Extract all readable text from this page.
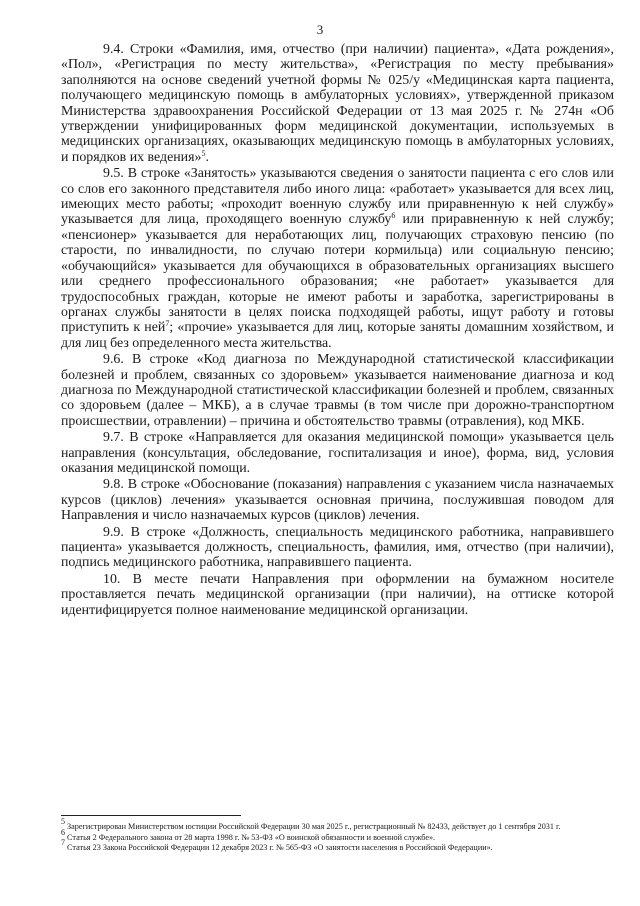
3

9.4. Строки «Фамилия, имя, отчество (при наличии) пациента», «Дата рождения», «Пол», «Регистрация по месту жительства», «Регистрация по месту пребывания» заполняются на основе сведений учетной формы № 025/у «Медицинская карта пациента, получающего медицинскую помощь в амбулаторных условиях», утвержденной приказом Министерства здравоохранения Российской Федерации от 13 мая 2025 г. № 274н «Об утверждении унифицированных форм медицинской документации, используемых в медицинских организациях, оказывающих медицинскую помощь в амбулаторных условиях, и порядков их ведения»$^5$.

9.5. В строке «Занятость» указываются сведения о занятости пациента с его слов или со слов его законного представителя либо иного лица: «работает» указывается для всех лиц, имеющих место работы; «проходит военную службу или приравненную к ней службу» указывается для лица, проходящего военную службу$^6$ или приравненную к ней службу; «пенсионер» указывается для неработающих лиц, получающих страховую пенсию (по старости, по инвалидности, по случаю потери кормильца) или социальную пенсию; «обучающийся» указывается для обучающихся в образовательных организациях высшего или среднего профессионального образования; «не работает» указывается для трудоспособных граждан, которые не имеют работы и заработка, зарегистрированы в органах службы занятости в целях поиска подходящей работы, ищут работу и готовы приступить к ней$^7$; «прочие» указывается для лиц, которые заняты домашним хозяйством, и для лиц без определенного места жительства.

9.6. В строке «Код диагноза по Международной статистической классификации болезней и проблем, связанных со здоровьем» указывается наименование диагноза и код диагноза по Международной статистической классификации болезней и проблем, связанных со здоровьем (далее – МКБ), а в случае травмы (в том числе при дорожно-транспортном происшествии, отравлении) – причина и обстоятельство травмы (отравления), код МКБ.

9.7. В строке «Направляется для оказания медицинской помощи» указывается цель направления (консультация, обследование, госпитализация и иное), форма, вид, условия оказания медицинской помощи.

9.8. В строке «Обоснование (показания) направления с указанием числа назначаемых курсов (циклов) лечения» указывается основная причина, послужившая поводом для Направления и число назначаемых курсов (циклов) лечения.

9.9. В строке «Должность, специальность медицинского работника, направившего пациента» указывается должность, специальность, фамилия, имя, отчество (при наличии), подпись медицинского работника, направившего пациента.

10. В месте печати Направления при оформлении на бумажном носителе проставляется печать медицинской организации (при наличии), на оттиске которой идентифицируется полное наименование медицинской организации.

$^5$ Зарегистрирован Министерством юстиции Российской Федерации 30 мая 2025 г., регистрационный № 82433, действует до 1 сентября 2031 г.

$^6$ Статья 2 Федерального закона от 28 марта 1998 г. № 53-ФЗ «О воинской обязанности и военной службе».

$^7$ Статья 23 Закона Российской Федерации 12 декабря 2023 г. № 565-ФЗ «О занятости населения в Российской Федерации».
